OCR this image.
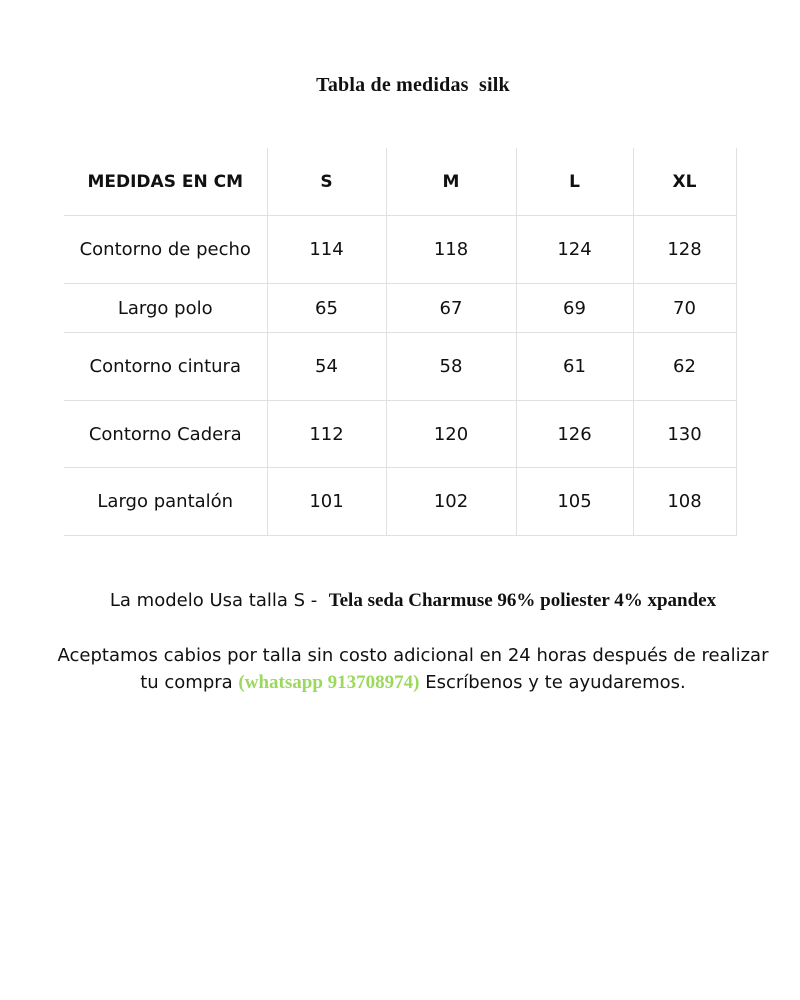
Tabla de medidas  silk
MEDIDAS EN CM	S	M	L	XL
Contorno de pecho	114	118	124	128
Largo polo	65	67	69	70
Contorno cintura	54	58	61	62
Contorno Cadera	112	120	126	130
Largo pantalón	101	102	105	108
La modelo Usa talla S -  Tela seda Charmuse 96% poliester 4% xpandex
Aceptamos cabios por talla sin costo adicional en 24 horas después de realizar
tu compra (whatsapp 913708974) Escríbenos y te ayudaremos.
